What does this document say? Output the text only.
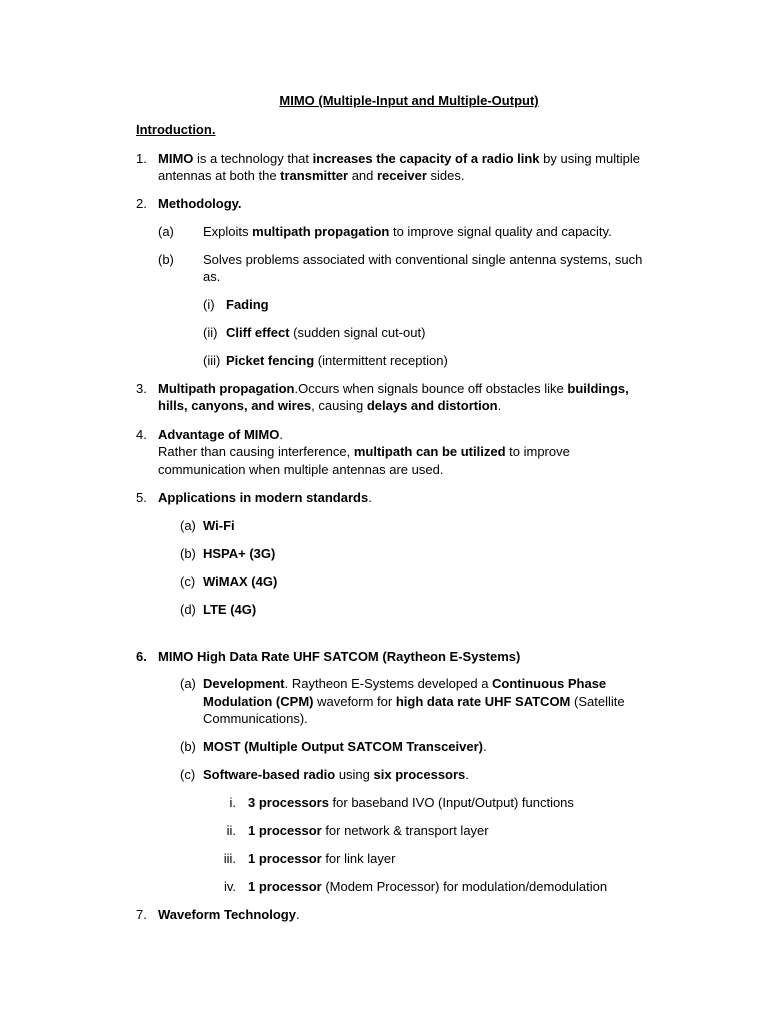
MIMO (Multiple-Input and Multiple-Output)
Introduction.
1. MIMO is a technology that increases the capacity of a radio link by using multiple
antennas at both the transmitter and receiver sides.
2. Methodology.
(a) Exploits multipath propagation to improve signal quality and capacity.
(b) Solves problems associated with conventional single antenna systems, such
as.
(i) Fading
(ii) Cliff effect (sudden signal cut-out)
(iii) Picket fencing (intermittent reception)
3. Multipath propagation.Occurs when signals bounce off obstacles like buildings,
hills, canyons, and wires, causing delays and distortion.
4. Advantage of MIMO.
Rather than causing interference, multipath can be utilized to improve
communication when multiple antennas are used.
5. Applications in modern standards.
(a) Wi-Fi
(b) HSPA+ (3G)
(c) WiMAX (4G)
(d) LTE (4G)
6. MIMO High Data Rate UHF SATCOM (Raytheon E-Systems)
(a) Development. Raytheon E-Systems developed a Continuous Phase
Modulation (CPM) waveform for high data rate UHF SATCOM (Satellite
Communications).
(b) MOST (Multiple Output SATCOM Transceiver).
(c) Software-based radio using six processors.
i. 3 processors for baseband IVO (Input/Output) functions
ii. 1 processor for network & transport layer
iii. 1 processor for link layer
iv. 1 processor (Modem Processor) for modulation/demodulation
7. Waveform Technology.
